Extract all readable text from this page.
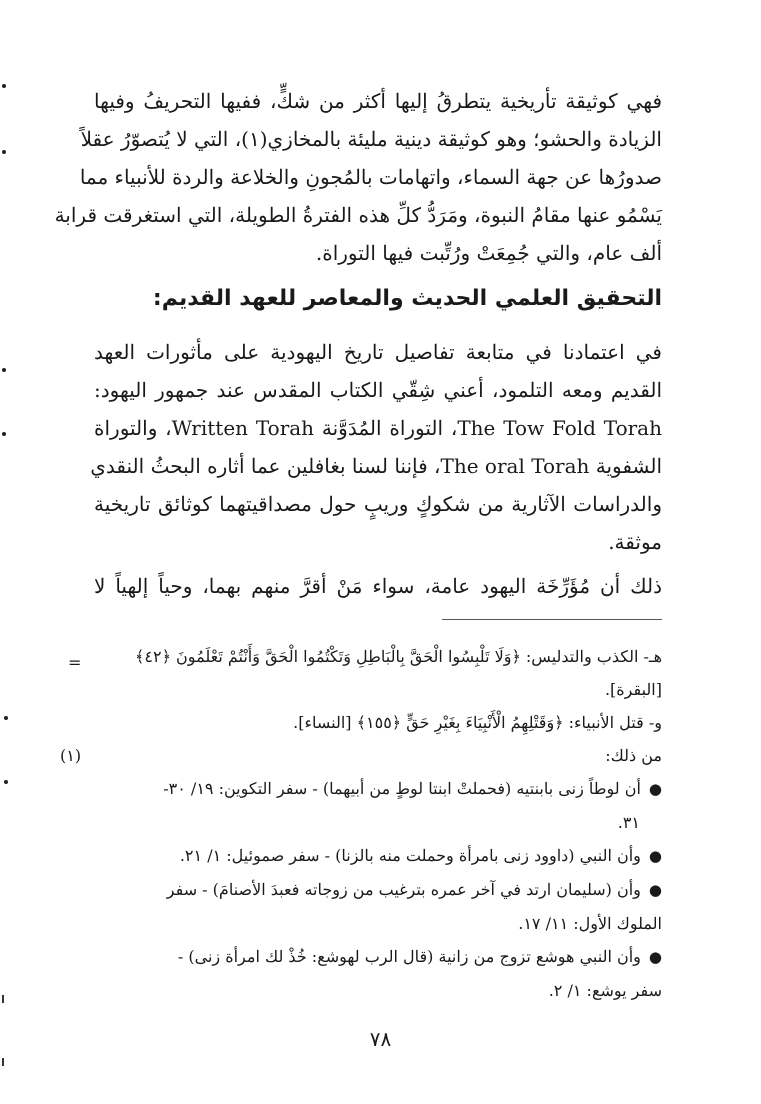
فهي كوثيقة تأريخية يتطرقُ إليها أكثر من شكٍّ، ففيها التحريفُ وفيها
الزيادة والحشو؛ وهو كوثيقة دينية مليئة بالمخازي(١)، التي لا يُتصوّرُ عقلاً
صدورُها عن جهة السماء، واتهامات بالمُجونِ والخلاعة والردة للأنبياء مما
يَسْمُو عنها مقامُ النبوة، ومَرَدُّ كلِّ هذه الفترةُ الطويلة، التي استغرقت قرابة
ألف عام، والتي جُمِعَتْ ورُتِّبت فيها التوراة.

التحقيق العلمي الحديث والمعاصر للعهد القديم:

في اعتمادنا في متابعة تفاصيل تاريخ اليهودية على مأثورات العهد
القديم ومعه التلمود، أعني شِقّي الكتاب المقدس عند جمهور اليهود:
The Tow Fold Torah، التوراة المُدَوَّنة Written Torah، والتوراة
الشفوية The oral Torah، فإننا لسنا بغافلين عما أثاره البحثُ النقدي
والدراسات الآثارية من شكوكٍ وريبٍ حول مصداقيتهما كوثائق تاريخية
موثقة.

ذلك أن مُؤَرِّخَة اليهود عامة، سواء مَنْ أقرَّ منهم بهما، وحياً إلهياً لا

=	هـ- الكذب والتدليس: ﴿وَلَا تَلْبِسُوا الْحَقَّ بِالْبَاطِلِ وَتَكْتُمُوا الْحَقَّ وَأَنْتُمْ تَعْلَمُونَ ﴿٤٢﴾

[البقرة].

و- قتل الأنبياء: ﴿وَقَتْلِهِمُ الْأَنْبِيَاءَ بِغَيْرِ حَقٍّ ﴿١٥٥﴾ [النساء].

(١)	من ذلك:

●أن لوطاً زنى بابنتيه (فحملتْ ابنتا لوطٍ من أبيهما) - سفر التكوين: ١٩/ ٣٠-

٣١.

●وأن النبي (داوود زنى بامرأة وحملت منه بالزنا) - سفر صموئيل: ١/ ٢١.

●وأن (سليمان ارتد في آخر عمره بترغيب من زوجاته فعبدَ الأصنامَ) - سفر

الملوك الأول: ١١/ ١٧.

●وأن النبي هوشع تزوج من زانية (قال الرب لهوشع: خُذْ لك امرأة زنى) -

سفر يوشع: ١/ ٢.

٧٨
